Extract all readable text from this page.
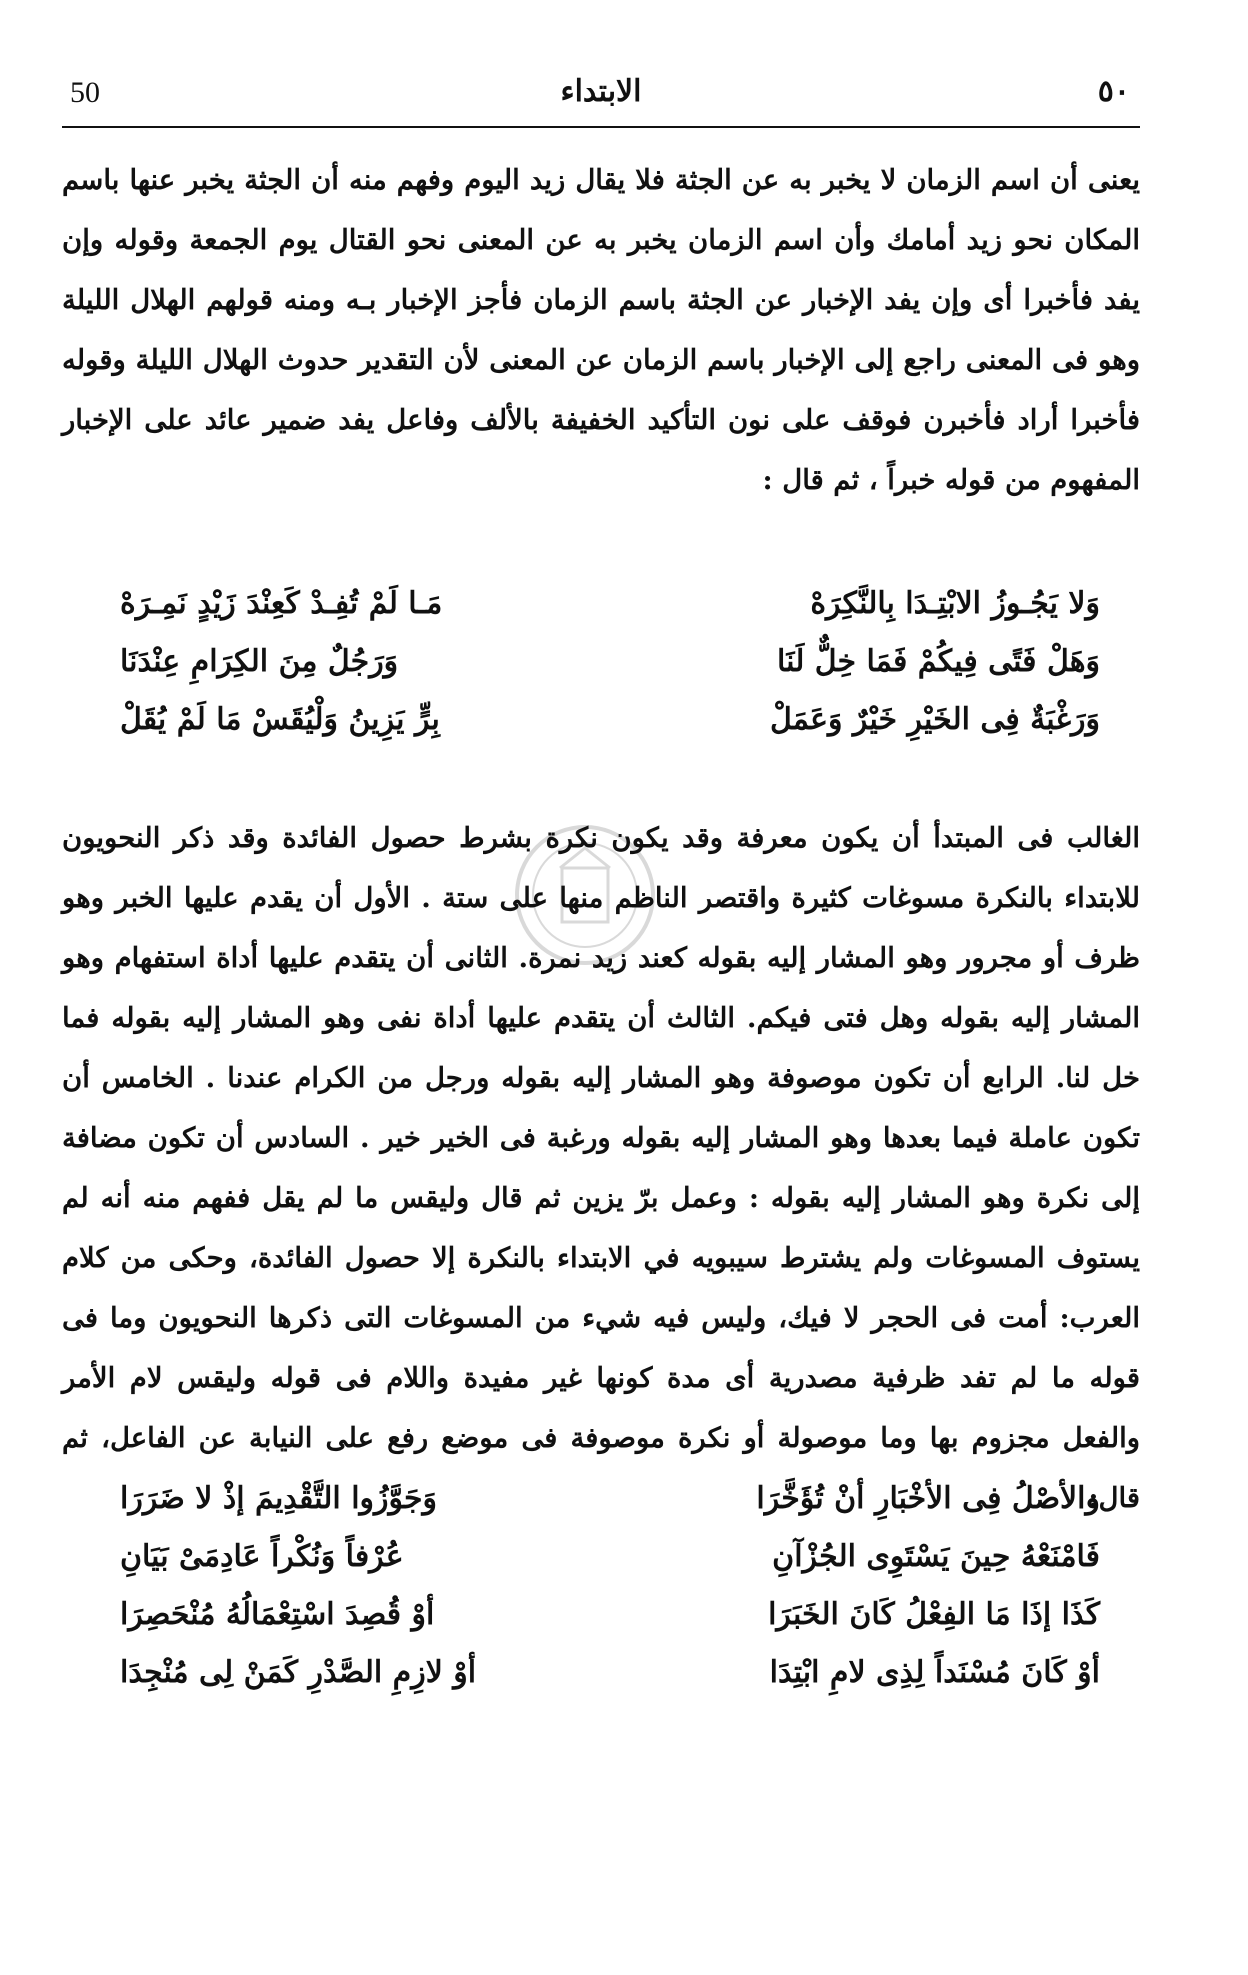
50	الابتداء	٥٠
يعنى أن اسم الزمان لا يخبر به عن الجثة فلا يقال زيد اليوم وفهم منه أن الجثة يخبر عنها باسم المكان نحو زيد أمامك وأن اسم الزمان يخبر به عن المعنى نحو القتال يوم الجمعة وقوله وإن يفد فأخبرا أى وإن يفد الإخبار عن الجثة باسم الزمان فأجز الإخبار بـه ومنه قولهم الهلال الليلة وهو فى المعنى راجع إلى الإخبار باسم الزمان عن المعنى لأن التقدير حدوث الهلال الليلة وقوله فأخبرا أراد فأخبرن فوقف على نون التأكيد الخفيفة بالألف وفاعل يفد ضمير عائد على الإخبار المفهوم من قوله خبراً ، ثم قال :
وَلا يَجُـوزُ الابْتِـدَا بِالنَّكِرَهْ
مَـا لَمْ تُفِـدْ كَعِنْدَ زَيْدٍ نَمِـرَهْ
وَهَلْ فَتًى فِيكُمْ فَمَا خِلٌّ لَنَا
وَرَجُلٌ مِنَ الكِرَامِ عِنْدَنَا
وَرَغْبَةٌ فِى الخَيْرِ خَيْرٌ وَعَمَلْ
بِرٍّ يَزِينُ وَلْيُقَسْ مَا لَمْ يُقَلْ
الغالب فى المبتدأ أن يكون معرفة وقد يكون نكرة بشرط حصول الفائدة وقد ذكر النحويون للابتداء بالنكرة مسوغات كثيرة واقتصر الناظم منها على ستة . الأول أن يقدم عليها الخبر وهو ظرف أو مجرور وهو المشار إليه بقوله كعند زيد نمرة. الثانى أن يتقدم عليها أداة استفهام وهو المشار إليه بقوله وهل فتى فيكم. الثالث أن يتقدم عليها أداة نفى وهو المشار إليه بقوله فما خل لنا. الرابع أن تكون موصوفة وهو المشار إليه بقوله ورجل من الكرام عندنا . الخامس أن تكون عاملة فيما بعدها وهو المشار إليه بقوله ورغبة فى الخير خير . السادس أن تكون مضافة إلى نكرة وهو المشار إليه بقوله : وعمل برّ يزين ثم قال وليقس ما لم يقل ففهم منه أنه لم يستوف المسوغات ولم يشترط سيبويه في الابتداء بالنكرة إلا حصول الفائدة، وحكى من كلام العرب: أمت فى الحجر لا فيك، وليس فيه شيء من المسوغات التى ذكرها النحويون وما فى قوله ما لم تفد ظرفية مصدرية أى مدة كونها غير مفيدة واللام فى قوله وليقس لام الأمر والفعل مجزوم بها وما موصولة أو نكرة موصوفة فى موضع رفع على النيابة عن الفاعل، ثم قال:
والأصْلُ فِى الأخْبَارِ أنْ تُؤَخَّرَا
وَجَوَّزُوا التَّقْدِيمَ إذْ لا ضَرَرَا
فَامْنَعْهُ حِينَ يَسْتَوِى الجُزْآنِ
عُرْفاً وَنُكْراً عَادِمَىْ بَيَانِ
كَذَا إذَا مَا الفِعْلُ كَانَ الخَبَرَا
أوْ قُصِدَ اسْتِعْمَالُهُ مُنْحَصِرَا
أوْ كَانَ مُسْنَداً لِذِى لامِ ابْتِدَا
أوْ لازِمِ الصَّدْرِ كَمَنْ لِى مُنْجِدَا
